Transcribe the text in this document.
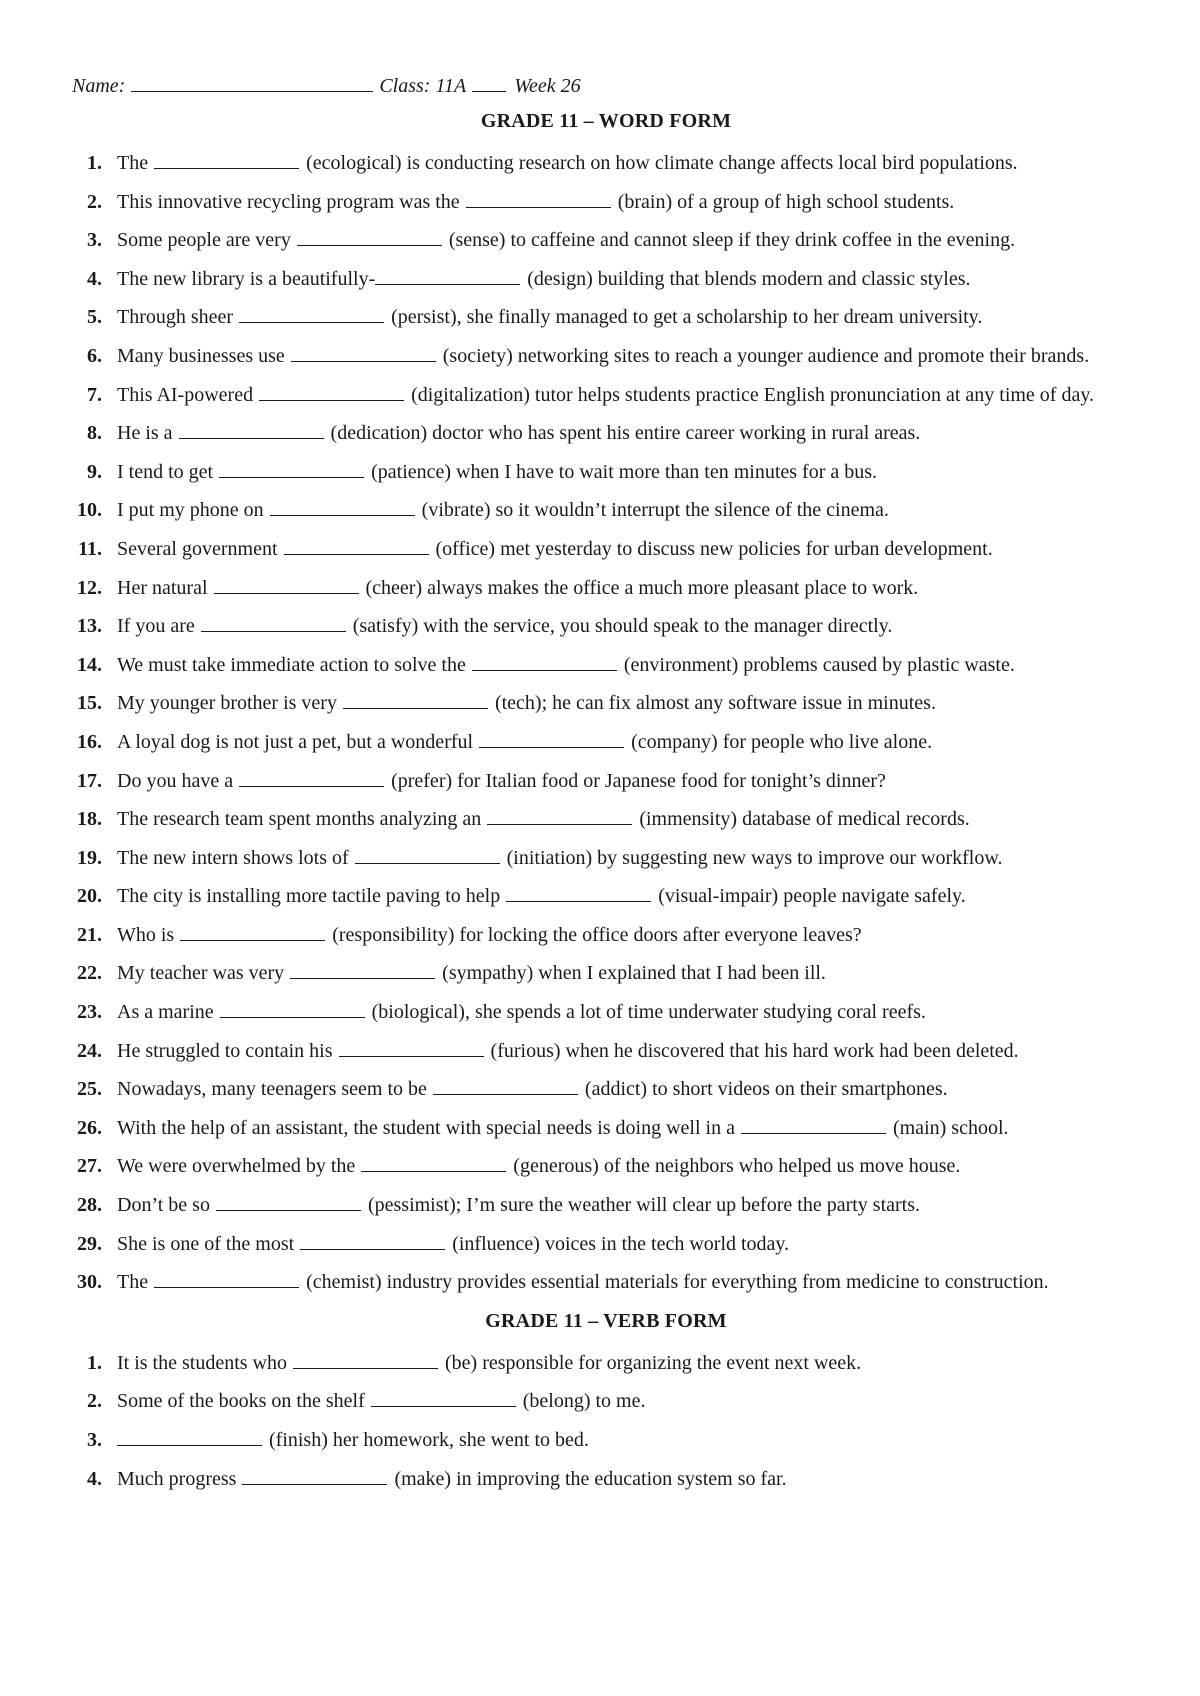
Name:	Class: 11A Week 26
GRADE 11 – WORD FORM
1. The	(ecological) is conducting research on how climate change affects local bird populations.
2. This innovative recycling program was the	(brain) of a group of high school students.
3. Some people are very	(sense) to caffeine and cannot sleep if they drink coffee in the evening.
4. The new library is a beautifully-	(design) building that blends modern and classic styles.
5. Through sheer	(persist), she finally managed to get a scholarship to her dream university.
6. Many businesses use	(society) networking sites to reach a younger audience and promote their brands.
7. This AI-powered	(digitalization) tutor helps students practice English pronunciation at any time of day.
8. He is a	(dedication) doctor who has spent his entire career working in rural areas.
9. I tend to get	(patience) when I have to wait more than ten minutes for a bus.
10. I put my phone on	(vibrate) so it wouldn’t interrupt the silence of the cinema.
11. Several government	(office) met yesterday to discuss new policies for urban development.
12. Her natural	(cheer) always makes the office a much more pleasant place to work.
13. If you are	(satisfy) with the service, you should speak to the manager directly.
14. We must take immediate action to solve the	(environment) problems caused by plastic waste.
15. My younger brother is very	(tech); he can fix almost any software issue in minutes.
16. A loyal dog is not just a pet, but a wonderful	(company) for people who live alone.
17. Do you have a	(prefer) for Italian food or Japanese food for tonight’s dinner?
18. The research team spent months analyzing an	(immensity) database of medical records.
19. The new intern shows lots of	(initiation) by suggesting new ways to improve our workflow.
20. The city is installing more tactile paving to help	(visual-impair) people navigate safely.
21. Who is	(responsibility) for locking the office doors after everyone leaves?
22. My teacher was very	(sympathy) when I explained that I had been ill.
23. As a marine	(biological), she spends a lot of time underwater studying coral reefs.
24. He struggled to contain his	(furious) when he discovered that his hard work had been deleted.
25. Nowadays, many teenagers seem to be	(addict) to short videos on their smartphones.
26. With the help of an assistant, the student with special needs is doing well in a	(main) school.
27. We were overwhelmed by the	(generous) of the neighbors who helped us move house.
28. Don’t be so	(pessimist); I’m sure the weather will clear up before the party starts.
29. She is one of the most	(influence) voices in the tech world today.
30. The	(chemist) industry provides essential materials for everything from medicine to construction.
GRADE 11 – VERB FORM
1. It is the students who	(be) responsible for organizing the event next week.
2. Some of the books on the shelf	(belong) to me.
3.	(finish) her homework, she went to bed.
4. Much progress	(make) in improving the education system so far.
